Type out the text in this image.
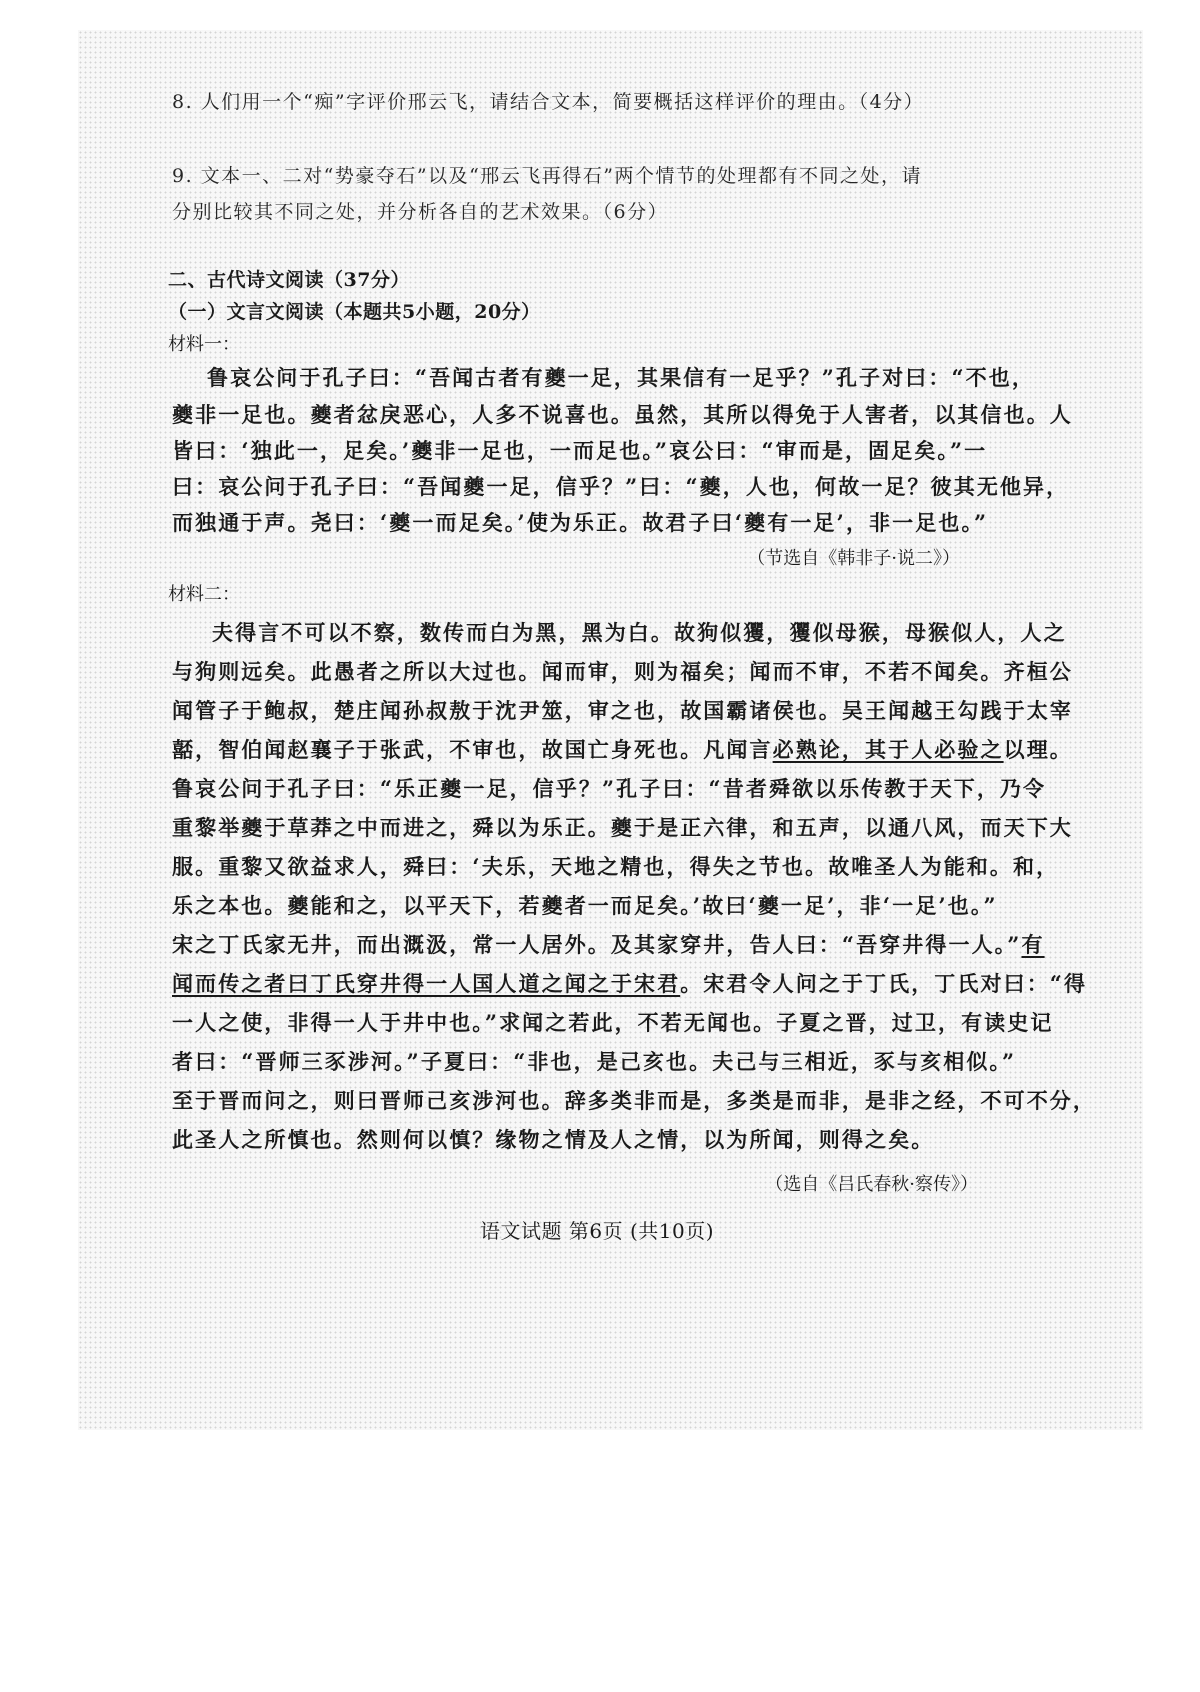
8. 人们用一个“痴”字评价邢云飞，请结合文本，简要概括这样评价的理由。（4分）
9. 文本一、二对“势豪夺石”以及“邢云飞再得石”两个情节的处理都有不同之处，请
分别比较其不同之处，并分析各自的艺术效果。（6分）
二、古代诗文阅读（37分）
（一）文言文阅读（本题共5小题，20分）
材料一：
鲁哀公问于孔子曰：“吾闻古者有夔一足，其果信有一足乎？”孔子对曰：“不也，
夔非一足也。夔者忿戾恶心，人多不说喜也。虽然，其所以得免于人害者，以其信也。人
皆曰：‘独此一，足矣。’夔非一足也，一而足也。”哀公曰：“审而是，固足矣。”一
曰：哀公问于孔子曰：“吾闻夔一足，信乎？”曰：“夔，人也，何故一足？彼其无他异，
而独通于声。尧曰：‘夔一而足矣。’使为乐正。故君子曰‘夔有一足’，非一足也。”
（节选自《韩非子·说二》）
材料二：
夫得言不可以不察，数传而白为黑，黑为白。故狗似玃，玃似母猴，母猴似人，人之
与狗则远矣。此愚者之所以大过也。闻而审，则为福矣；闻而不审，不若不闻矣。齐桓公
闻管子于鲍叔，楚庄闻孙叔敖于沈尹筮，审之也，故国霸诸侯也。吴王闻越王勾践于太宰
嚭，智伯闻赵襄子于张武，不审也，故国亡身死也。凡闻言必熟论，其于人必验之以理。
鲁哀公问于孔子曰：“乐正夔一足，信乎？”孔子曰：“昔者舜欲以乐传教于天下，乃令
重黎举夔于草莽之中而进之，舜以为乐正。夔于是正六律，和五声，以通八风，而天下大
服。重黎又欲益求人，舜曰：‘夫乐，天地之精也，得失之节也。故唯圣人为能和。和，
乐之本也。夔能和之，以平天下，若夔者一而足矣。’故曰‘夔一足’，非‘一足’也。”
宋之丁氏家无井，而出溉汲，常一人居外。及其家穿井，告人曰：“吾穿井得一人。”有
闻而传之者曰丁氏穿井得一人国人道之闻之于宋君。宋君令人问之于丁氏，丁氏对曰：“得
一人之使，非得一人于井中也。”求闻之若此，不若无闻也。子夏之晋，过卫，有读史记
者曰：“晋师三豕涉河。”子夏曰：“非也，是己亥也。夫己与三相近，豕与亥相似。”
至于晋而问之，则曰晋师己亥涉河也。辞多类非而是，多类是而非，是非之经，不可不分，
此圣人之所慎也。然则何以慎？缘物之情及人之情，以为所闻，则得之矣。
（选自《吕氏春秋·察传》）
语文试题 第6页 (共10页)
